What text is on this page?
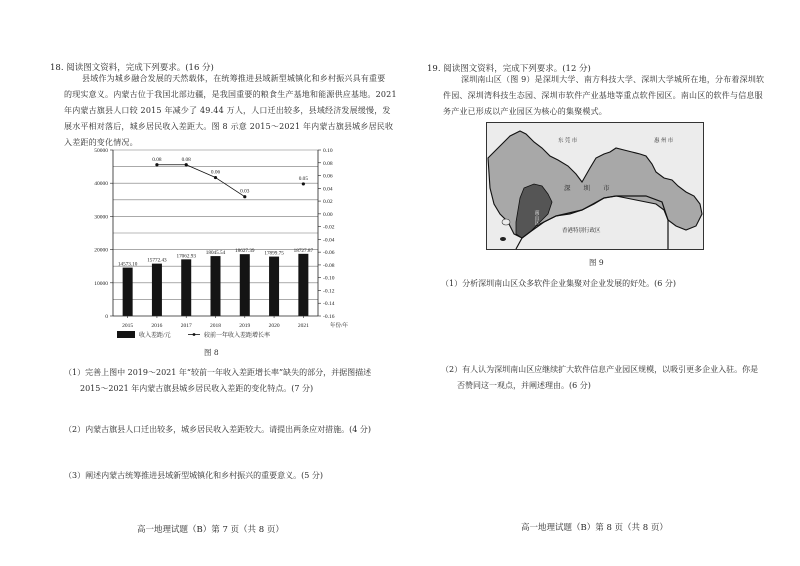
18. 阅读图文资料，完成下列要求。(16 分)
县域作为城乡融合发展的天然载体，在统筹推进县域新型城镇化和乡村振兴具有重要
的现实意义。内蒙古位于我国北部边疆，是我国重要的粮食生产基地和能源供应基地。2021
年内蒙古旗县人口较 2015 年减少了 49.44 万人，人口迁出较多，县域经济发展缓慢，发
展水平相对落后，城乡居民收入差距大。图 8 示意 2015～2021 年内蒙古旗县城乡居民收
入差距的变化情况。
14573.10
15772.43
17062.93
18045.54 18627.39 17899.75 18727.87
0.08	0.08
0.06
0.03
0.05
0
10000
20000
30000
40000
50000	0.10
0.08
0.06
0.04
0.02
0.00
-0.02
-0.04
-0.06
-0.08
-0.10
-0.12
-0.14
-0.16
2015	2016	2017	2018	2019	2020	2021	年份/年
收入差距/元	较前一年收入差距增长率
图 8
（1）完善上图中 2019～2021 年“较前一年收入差距增长率”缺失的部分，并据图描述
2015～2021 年内蒙古旗县城乡居民收入差距的变化特点。(7 分)
（2）内蒙古旗县人口迁出较多，城乡居民收入差距较大。请提出两条应对措施。(4 分)
（3）阐述内蒙古统筹推进县域新型城镇化和乡村振兴的重要意义。(5 分)
高一地理试题（B）第 7 页（共 8 页）
19. 阅读图文资料，完成下列要求。(12 分)
深圳南山区（图 9）是深圳大学、南方科技大学、深圳大学城所在地，分布着深圳软
件园、深圳湾科技生态园、深圳市软件产业基地等重点软件园区。南山区的软件与信息服
务产业已形成以产业园区为核心的集聚模式。
东 莞 市	惠 州 市
深　　圳　　市
南山区
香港特别行政区
图 9
（1）分析深圳南山区众多软件企业集聚对企业发展的好处。(6 分)
（2）有人认为深圳南山区应继续扩大软件信息产业园区规模，以吸引更多企业入驻。你是
否赞同这一观点，并阐述理由。(6 分)
高一地理试题（B）第 8 页（共 8 页）
